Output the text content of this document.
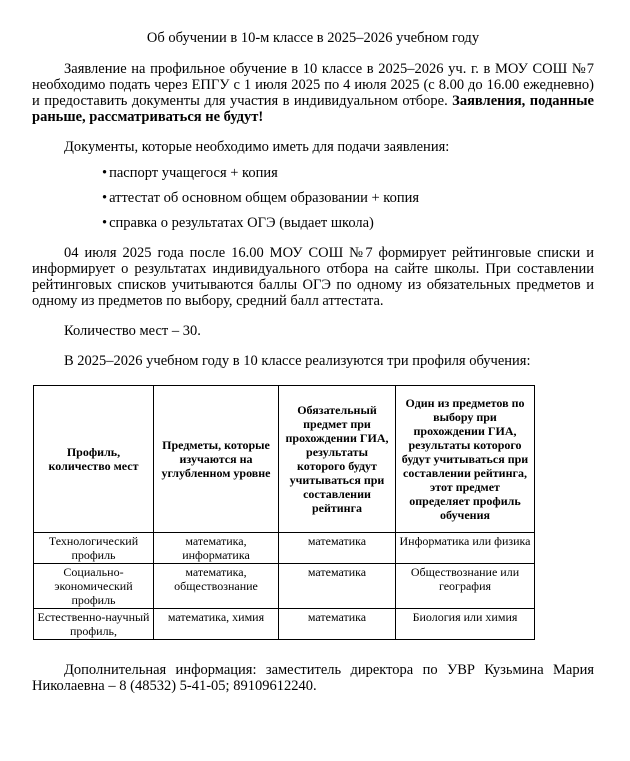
Об обучении в 10-м классе в 2025–2026 учебном году

Заявление на профильное обучение в 10 классе в 2025–2026 уч. г. в МОУ СОШ №7 необходимо подать через ЕПГУ с 1 июля 2025 по 4 июля 2025 (с 8.00 до 16.00 ежедневно) и предоставить документы для участия в индивидуальном отборе. Заявления, поданные раньше, рассматриваться не будут!

Документы, которые необходимо иметь для подачи заявления:

• паспорт учащегося + копия
• аттестат об основном общем образовании + копия
• справка о результатах ОГЭ (выдает школа)

04 июля 2025 года после 16.00 МОУ СОШ №7 формирует рейтинговые списки и информирует о результатах индивидуального отбора на сайте школы. При составлении рейтинговых списков учитываются баллы ОГЭ по одному из обязательных предметов и одному из предметов по выбору, средний балл аттестата.

Количество мест – 30.

В 2025–2026 учебном году в 10 классе реализуются три профиля обучения:

Профиль, количество мест	Предметы, которые изучаются на углубленном уровне	Обязательный предмет при прохождении ГИА, результаты которого будут учитываться при составлении рейтинга	Один из предметов по выбору при прохождении ГИА, результаты которого будут учитываться при составлении рейтинга, этот предмет определяет профиль обучения
Технологический профиль	математика, информатика	математика	Информатика или физика
Социально-экономический профиль	математика, обществознание	математика	Обществознание или география
Естественно-научный профиль,	математика, химия	математика	Биология или химия

Дополнительная информация: заместитель директора по УВР Кузьмина Мария Николаевна – 8 (48532) 5-41-05; 89109612240.
